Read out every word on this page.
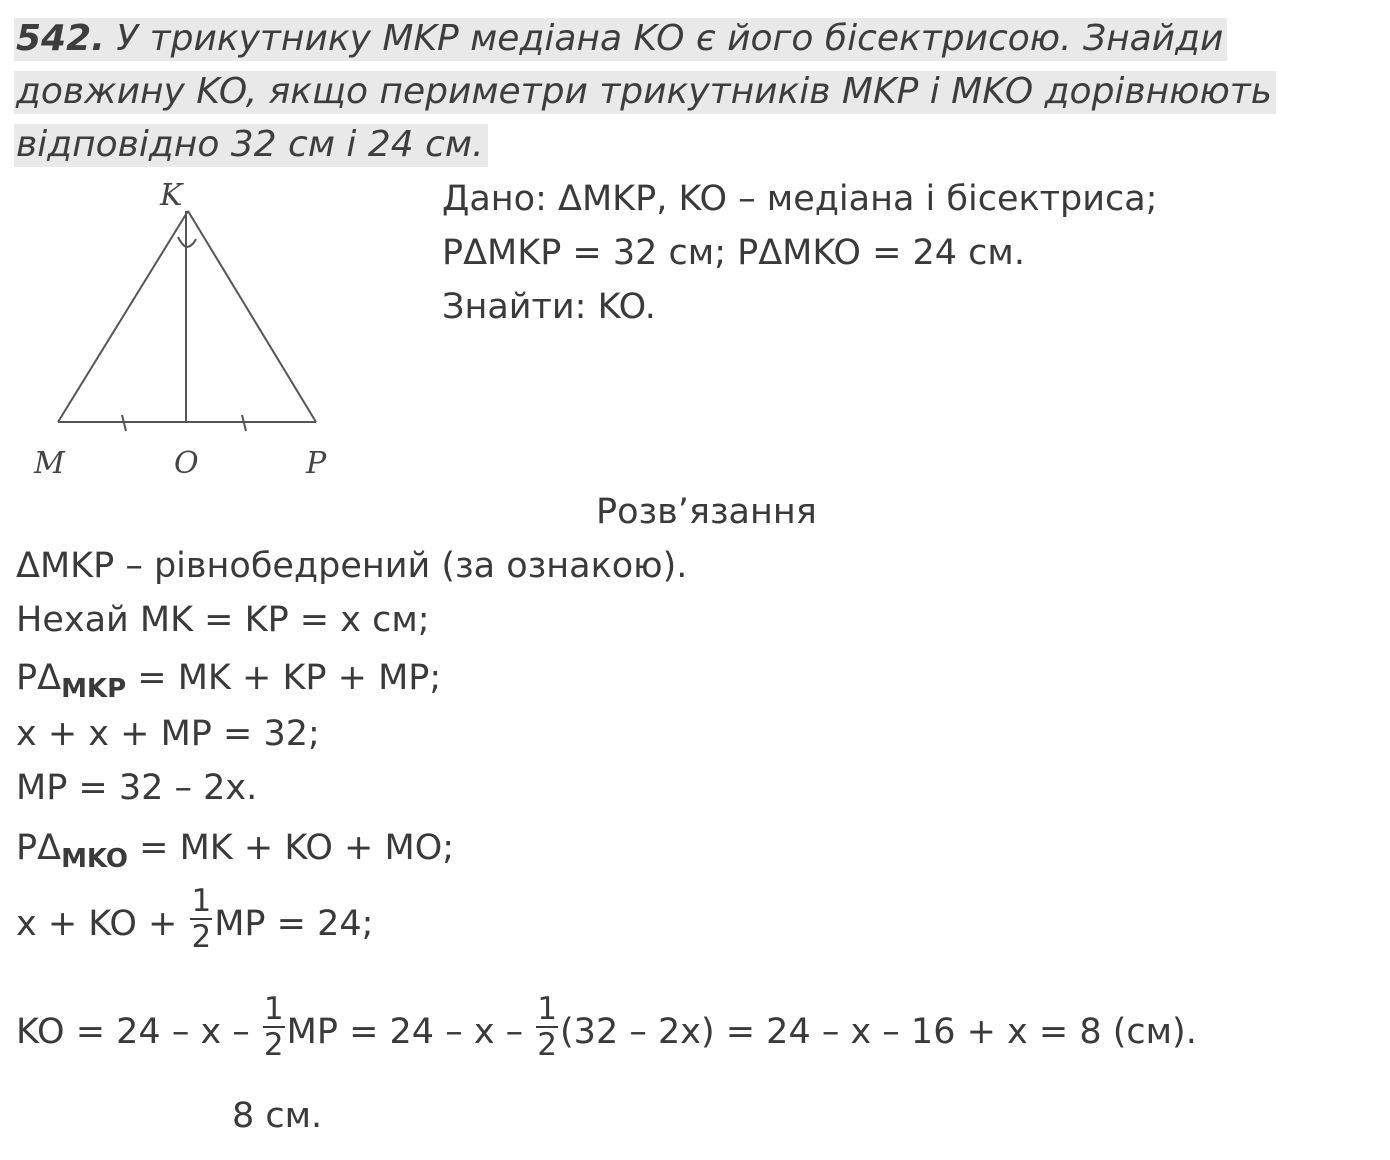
542. У трикутнику MKP медіана KO є його бісектрисою. Знайди
довжину KO, якщо периметри трикутників MKP і MKO дорівнюють
відповідно 32 см і 24 см.
K
M	O	P
Дано: ΔMKP, KO – медіана і бісектриса;
PΔMKP = 32 см; PΔMKO = 24 см.
Знайти: KO.
Розв’язання
ΔMKP – рівнобедрений (за ознакою).
Нехай MK = KP = x см;
$P\Delta_{MKP}$ = MK + KP + MP;
x + x + MP = 32;
MP = 32 – 2x.
$P\Delta_{MKO}$ = MK + KO + MO;
x + KO + $\frac{1}{2}$ MP = 24;
KO = 24 – x – $\frac{1}{2}$ MP = $24 - x - \frac{1}{2} (32 - 2x) = 24 - x - 16 + x = 8$ (см).
8 см.
